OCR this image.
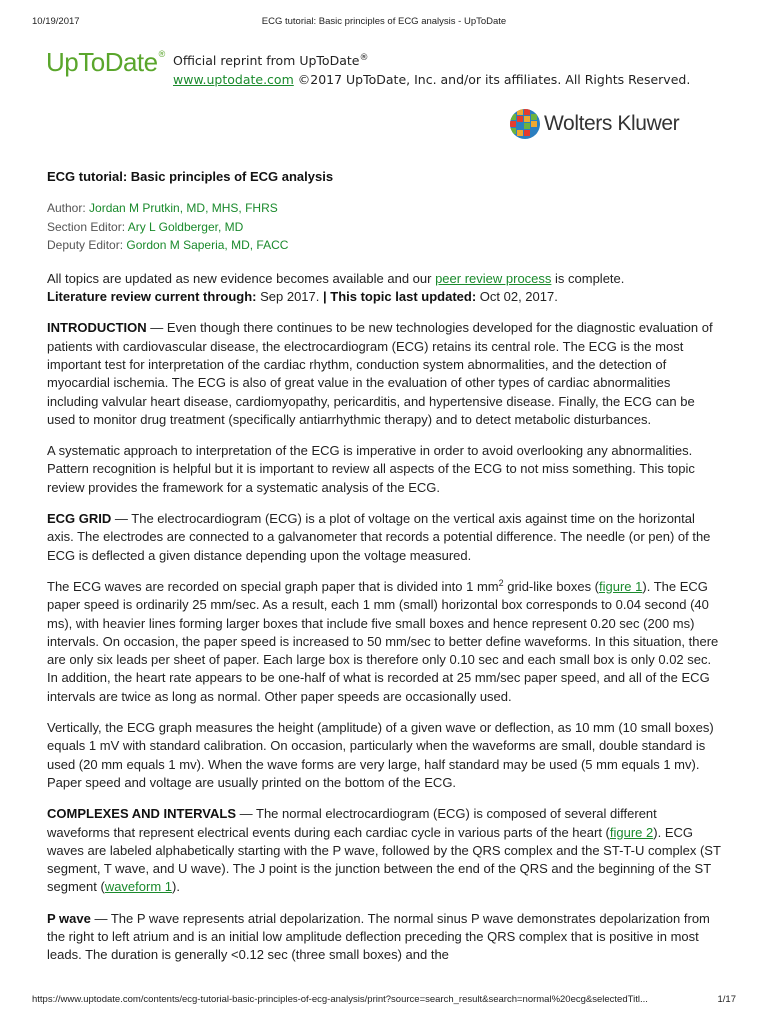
10/19/2017	ECG tutorial: Basic principles of ECG analysis - UpToDate
UpToDate® Official reprint from UpToDate®
www.uptodate.com ©2017 UpToDate, Inc. and/or its affiliates. All Rights Reserved.
Wolters Kluwer
ECG tutorial: Basic principles of ECG analysis
Author: Jordan M Prutkin, MD, MHS, FHRS
Section Editor: Ary L Goldberger, MD
Deputy Editor: Gordon M Saperia, MD, FACC

All topics are updated as new evidence becomes available and our peer review process is complete.
Literature review current through: Sep 2017. | This topic last updated: Oct 02, 2017.

INTRODUCTION — Even though there continues to be new technologies developed for the diagnostic evaluation of patients with cardiovascular disease, the electrocardiogram (ECG) retains its central role. The ECG is the most important test for interpretation of the cardiac rhythm, conduction system abnormalities, and the detection of myocardial ischemia. The ECG is also of great value in the evaluation of other types of cardiac abnormalities including valvular heart disease, cardiomyopathy, pericarditis, and hypertensive disease. Finally, the ECG can be used to monitor drug treatment (specifically antiarrhythmic therapy) and to detect metabolic disturbances.

A systematic approach to interpretation of the ECG is imperative in order to avoid overlooking any abnormalities. Pattern recognition is helpful but it is important to review all aspects of the ECG to not miss something. This topic review provides the framework for a systematic analysis of the ECG.

ECG GRID — The electrocardiogram (ECG) is a plot of voltage on the vertical axis against time on the horizontal axis. The electrodes are connected to a galvanometer that records a potential difference. The needle (or pen) of the ECG is deflected a given distance depending upon the voltage measured.

The ECG waves are recorded on special graph paper that is divided into 1 $mm^2$ grid-like boxes (figure 1). The ECG paper speed is ordinarily 25 mm/sec. As a result, each 1 mm (small) horizontal box corresponds to 0.04 second (40 ms), with heavier lines forming larger boxes that include five small boxes and hence represent 0.20 sec (200 ms) intervals. On occasion, the paper speed is increased to 50 mm/sec to better define waveforms. In this situation, there are only six leads per sheet of paper. Each large box is therefore only 0.10 sec and each small box is only 0.02 sec. In addition, the heart rate appears to be one-half of what is recorded at 25 mm/sec paper speed, and all of the ECG intervals are twice as long as normal. Other paper speeds are occasionally used.

Vertically, the ECG graph measures the height (amplitude) of a given wave or deflection, as 10 mm (10 small boxes) equals 1 mV with standard calibration. On occasion, particularly when the waveforms are small, double standard is used (20 mm equals 1 mv). When the wave forms are very large, half standard may be used (5 mm equals 1 mv). Paper speed and voltage are usually printed on the bottom of the ECG.

COMPLEXES AND INTERVALS — The normal electrocardiogram (ECG) is composed of several different waveforms that represent electrical events during each cardiac cycle in various parts of the heart (figure 2). ECG waves are labeled alphabetically starting with the P wave, followed by the QRS complex and the ST-T-U complex (ST segment, T wave, and U wave). The J point is the junction between the end of the QRS and the beginning of the ST segment (waveform 1).

P wave — The P wave represents atrial depolarization. The normal sinus P wave demonstrates depolarization from the right to left atrium and is an initial low amplitude deflection preceding the QRS complex that is positive in most leads. The duration is generally <0.12 sec (three small boxes) and the

https://www.uptodate.com/contents/ecg-tutorial-basic-principles-of-ecg-analysis/print?source=search_result&search=normal%20ecg&selectedTitl...	1/17
